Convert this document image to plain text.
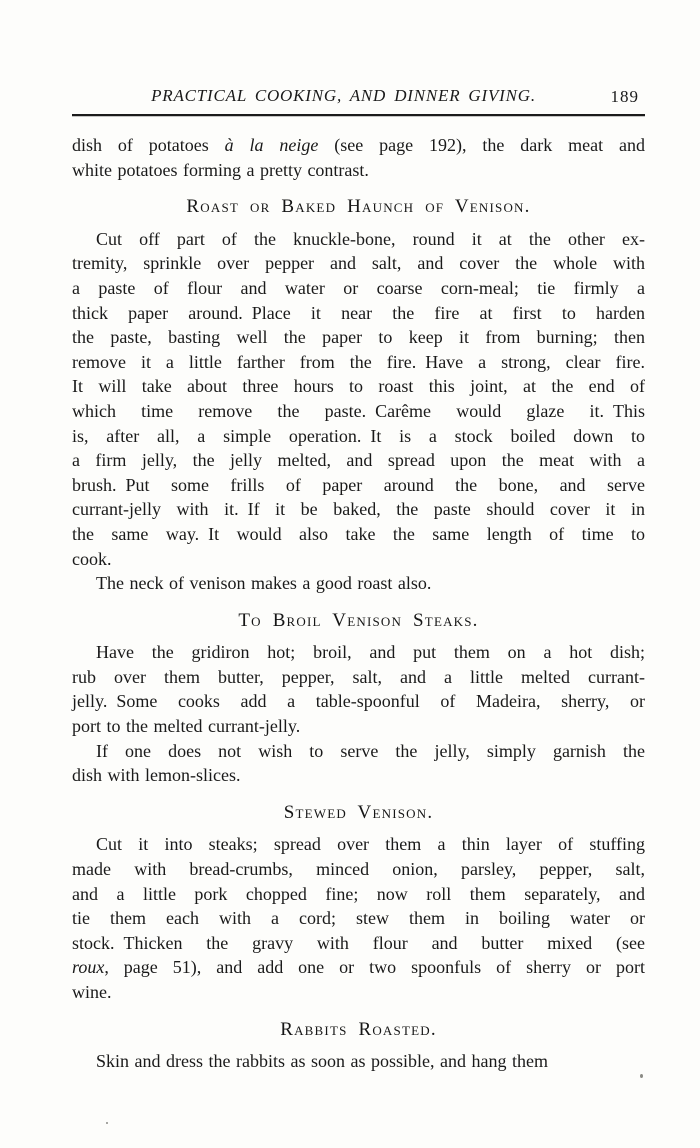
PRACTICAL COOKING, AND DINNER GIVING.	189
dish of potatoes à la neige (see page 192), the dark meat and
white potatoes forming a pretty contrast.
Roast or Baked Haunch of Venison.
Cut off part of the knuckle-bone, round it at the other ex-
tremity, sprinkle over pepper and salt, and cover the whole with
a paste of flour and water or coarse corn-meal; tie firmly a
thick paper around. Place it near the fire at first to harden
the paste, basting well the paper to keep it from burning; then
remove it a little farther from the fire. Have a strong, clear fire.
It will take about three hours to roast this joint, at the end of
which time remove the paste. Carême would glaze it. This
is, after all, a simple operation. It is a stock boiled down to
a firm jelly, the jelly melted, and spread upon the meat with a
brush. Put some frills of paper around the bone, and serve
currant-jelly with it. If it be baked, the paste should cover it in
the same way. It would also take the same length of time to
cook.
The neck of venison makes a good roast also.
To Broil Venison Steaks.
Have the gridiron hot; broil, and put them on a hot dish;
rub over them butter, pepper, salt, and a little melted currant-
jelly. Some cooks add a table-spoonful of Madeira, sherry, or
port to the melted currant-jelly.
If one does not wish to serve the jelly, simply garnish the
dish with lemon-slices.
Stewed Venison.
Cut it into steaks; spread over them a thin layer of stuffing
made with bread-crumbs, minced onion, parsley, pepper, salt,
and a little pork chopped fine; now roll them separately, and
tie them each with a cord; stew them in boiling water or
stock. Thicken the gravy with flour and butter mixed (see
roux, page 51), and add one or two spoonfuls of sherry or port
wine.
Rabbits Roasted.
Skin and dress the rabbits as soon as possible, and hang them
